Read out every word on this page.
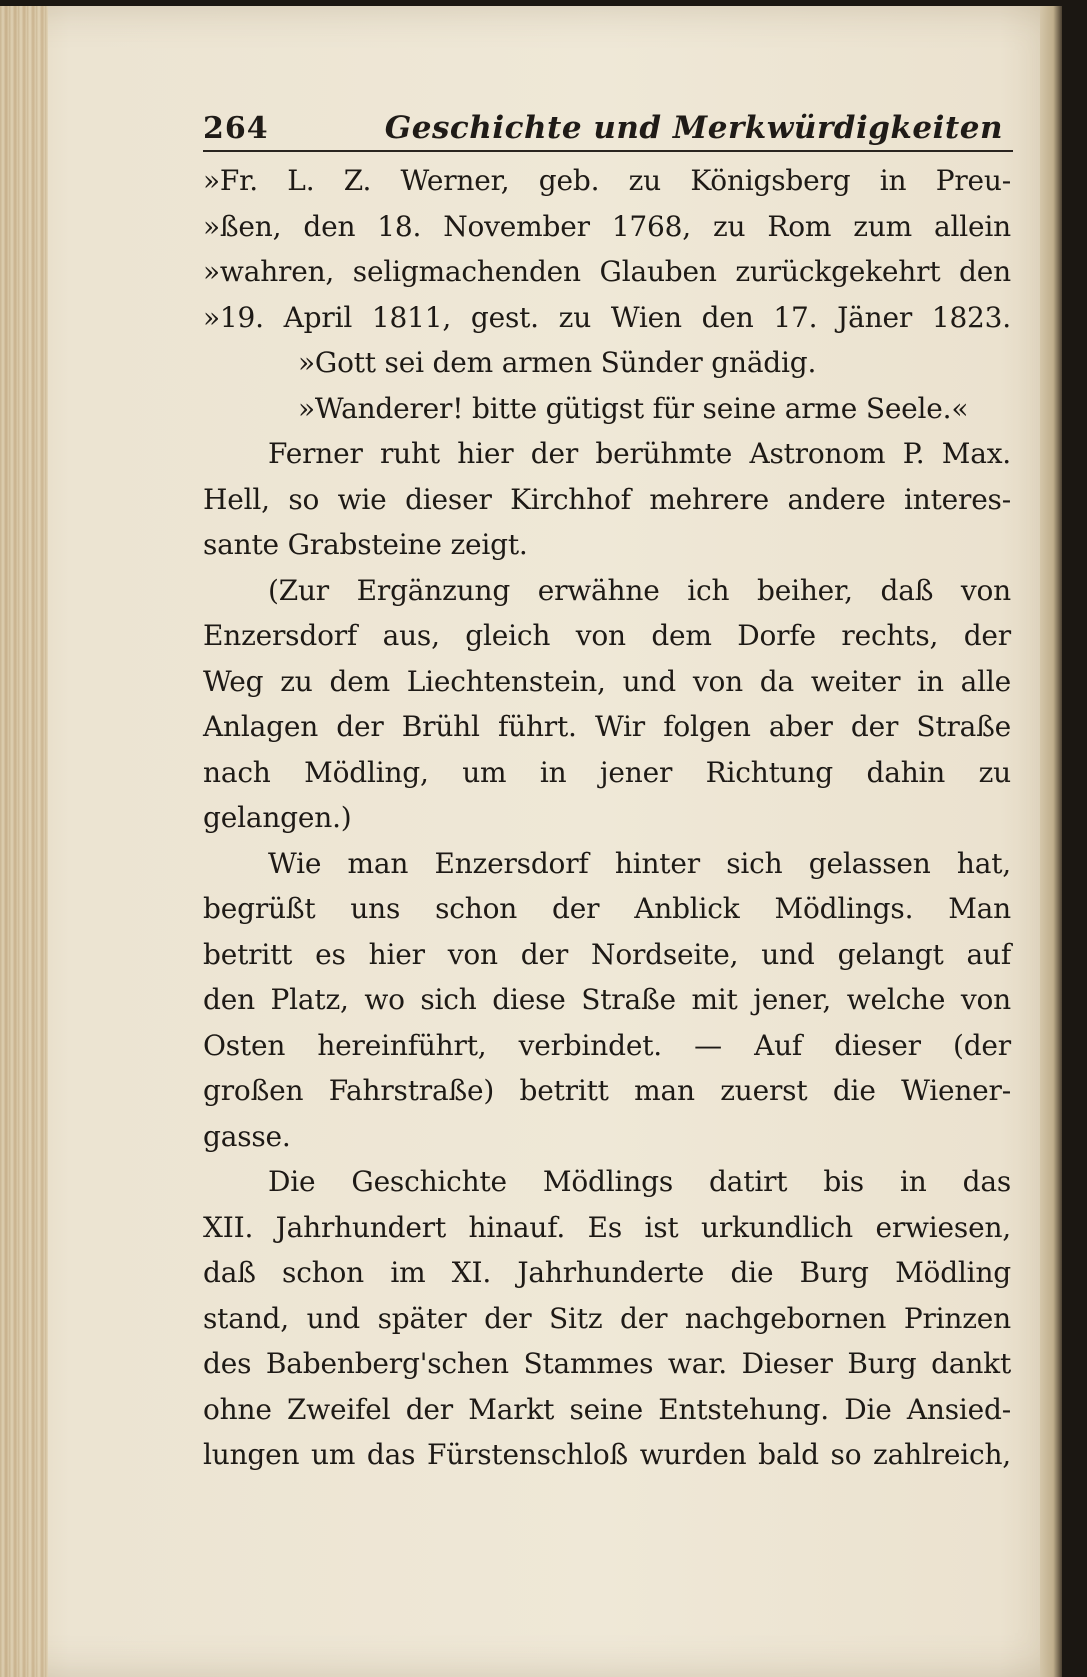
264	Geschichte und Merkwürdigkeiten
»Fr. L. Z. Werner, geb. zu Königsberg in Preu-
»ßen, den 18. November 1768, zu Rom zum allein
»wahren, seligmachenden Glauben zurückgekehrt den
»19. April 1811, gest. zu Wien den 17. Jäner 1823.
»Gott sei dem armen Sünder gnädig.
»Wanderer! bitte gütigst für seine arme Seele.«
Ferner ruht hier der berühmte Astronom P. Max.
Hell, so wie dieser Kirchhof mehrere andere interes-
sante Grabsteine zeigt.
(Zur Ergänzung erwähne ich beiher, daß von
Enzersdorf aus, gleich von dem Dorfe rechts, der
Weg zu dem Liechtenstein, und von da weiter in alle
Anlagen der Brühl führt. Wir folgen aber der Straße
nach Mödling, um in jener Richtung dahin zu
gelangen.)
Wie man Enzersdorf hinter sich gelassen hat,
begrüßt uns schon der Anblick Mödlings. Man
betritt es hier von der Nordseite, und gelangt auf
den Platz, wo sich diese Straße mit jener, welche von
Osten hereinführt, verbindet. — Auf dieser (der
großen Fahrstraße) betritt man zuerst die Wiener-
gasse.
Die Geschichte Mödlings datirt bis in das
XII. Jahrhundert hinauf. Es ist urkundlich erwiesen,
daß schon im XI. Jahrhunderte die Burg Mödling
stand, und später der Sitz der nachgebornen Prinzen
des Babenberg'schen Stammes war. Dieser Burg dankt
ohne Zweifel der Markt seine Entstehung. Die Ansied-
lungen um das Fürstenschloß wurden bald so zahlreich,
